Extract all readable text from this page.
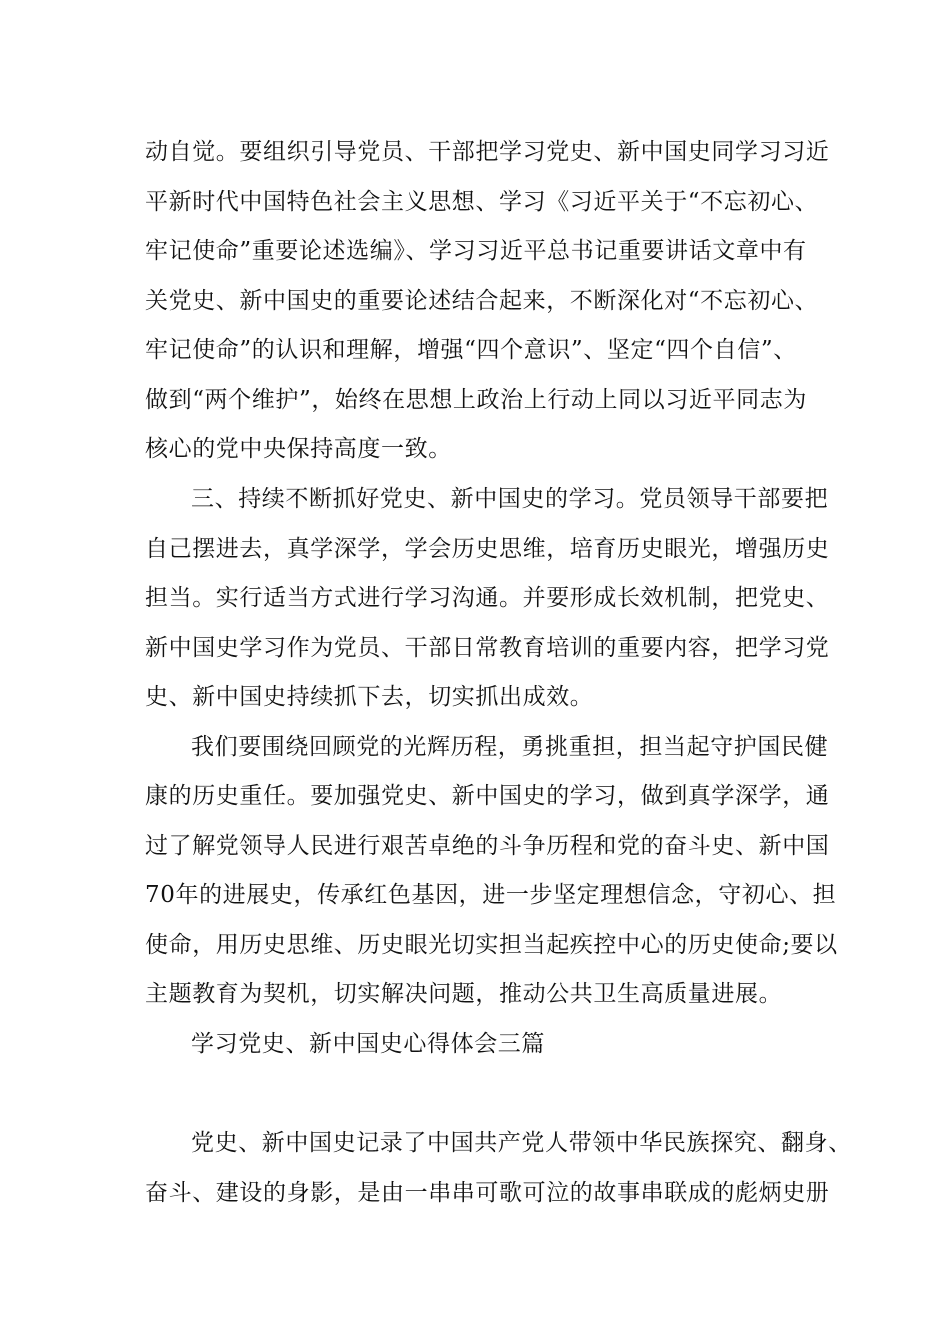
动自觉。要组织引导党员、干部把学习党史、新中国史同学习习近
平新时代中国特色社会主义思想、学习《习近平关于“不忘初心、
牢记使命”重要论述选编》、学习习近平总书记重要讲话文章中有
关党史、新中国史的重要论述结合起来，不断深化对“不忘初心、
牢记使命”的认识和理解，增强“四个意识”、坚定“四个自信”、
做到“两个维护”，始终在思想上政治上行动上同以习近平同志为
核心的党中央保持高度一致。
三、持续不断抓好党史、新中国史的学习。党员领导干部要把
自己摆进去，真学深学，学会历史思维，培育历史眼光，增强历史
担当。实行适当方式进行学习沟通。并要形成长效机制，把党史、
新中国史学习作为党员、干部日常教育培训的重要内容，把学习党
史、新中国史持续抓下去，切实抓出成效。
我们要围绕回顾党的光辉历程，勇挑重担，担当起守护国民健
康的历史重任。要加强党史、新中国史的学习，做到真学深学，通
过了解党领导人民进行艰苦卓绝的斗争历程和党的奋斗史、新中国
70年的进展史，传承红色基因，进一步坚定理想信念，守初心、担
使命，用历史思维、历史眼光切实担当起疾控中心的历史使命;要以
主题教育为契机，切实解决问题，推动公共卫生高质量进展。
学习党史、新中国史心得体会三篇
党史、新中国史记录了中国共产党人带领中华民族探究、翻身、
奋斗、建设的身影，是由一串串可歌可泣的故事串联成的彪炳史册
